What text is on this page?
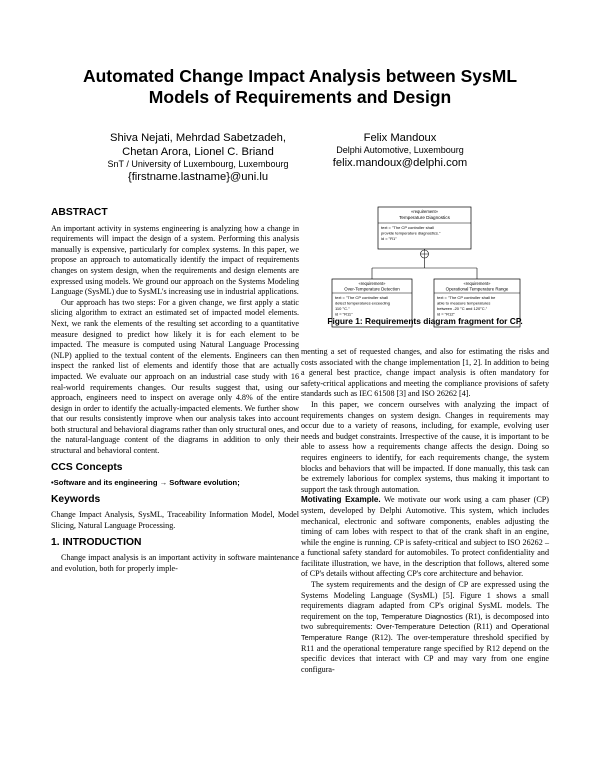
Automated Change Impact Analysis between SysML
Models of Requirements and Design
Shiva Nejati, Mehrdad Sabetzadeh,
Chetan Arora, Lionel C. Briand
SnT / University of Luxembourg, Luxembourg
{firstname.lastname}@uni.lu
Felix Mandoux
Delphi Automotive, Luxembourg
felix.mandoux@delphi.com
ABSTRACT

An important activity in systems engineering is analyzing how a change in requirements will impact the design of a system. Performing this analysis manually is expensive, particularly for complex systems. In this paper, we propose an approach to automatically identify the impact of requirements changes on system design, when the requirements and design elements are expressed using models. We ground our approach on the Systems Modeling Language (SysML) due to SysML's increasing use in industrial applications.

Our approach has two steps: For a given change, we first apply a static slicing algorithm to extract an estimated set of impacted model elements. Next, we rank the elements of the resulting set according to a quantitative measure designed to predict how likely it is for each element to be impacted. The measure is computed using Natural Language Processing (NLP) applied to the textual content of the elements. Engineers can then inspect the ranked list of elements and identify those that are actually impacted. We evaluate our approach on an industrial case study with 16 real-world requirements changes. Our results suggest that, using our approach, engineers need to inspect on average only 4.8% of the entire design in order to identify the actually-impacted elements. We further show that our results consistently improve when our analysis takes into account both structural and behavioral diagrams rather than only structural ones, and the natural-language content of the diagrams in addition to only their structural and behavioral content.

CCS Concepts

•Software and its engineering → Software evolution;

Keywords

Change Impact Analysis, SysML, Traceability Information Model, Model Slicing, Natural Language Processing.

1. INTRODUCTION

Change impact analysis is an important activity in software maintenance and evolution, both for properly imple-

«requirement»
Temperature Diagnostics
text = "The CP controller shall
provide temperature diagnostics."
id = "R1"
«requirement»
Over-Temperature Detection
text = "The CP controller shall
detect temperatures exceeding
110 °C."
id = "R11"
«requirement»
Operational Temperature Range
text = "The CP controller shall be
able to measure temperatures
between -20 °C and 120°C."
id = "R12"
Figure 1: Requirements diagram fragment for CP.

menting a set of requested changes, and also for estimating the risks and costs associated with the change implementation [1, 2]. In addition to being a general best practice, change impact analysis is often mandatory for safety-critical applications and meeting the compliance provisions of safety standards such as IEC 61508 [3] and ISO 26262 [4].

In this paper, we concern ourselves with analyzing the impact of requirements changes on system design. Changes in requirements may occur due to a variety of reasons, including, for example, evolving user needs and budget constraints. Irrespective of the cause, it is important to be able to assess how a requirements change affects the design. Doing so requires engineers to identify, for each requirements change, the system blocks and behaviors that will be impacted. If done manually, this task can be extremely laborious for complex systems, thus making it important to support the task through automation.

Motivating Example. We motivate our work using a cam phaser (CP) system, developed by Delphi Automotive. This system, which includes mechanical, electronic and software components, enables adjusting the timing of cam lobes with respect to that of the crank shaft in an engine, while the engine is running. CP is safety-critical and subject to ISO 26262 – a functional safety standard for automobiles. To protect confidentiality and facilitate illustration, we have, in the description that follows, altered some of CP's details without affecting CP's core architecture and behavior.

The system requirements and the design of CP are expressed using the Systems Modeling Language (SysML) [5]. Figure 1 shows a small requirements diagram adapted from CP's original SysML models. The requirement on the top, Temperature Diagnostics (R1), is decomposed into two subrequirements: Over-Temperature Detection (R11) and Operational Temperature Range (R12). The over-temperature threshold specified by R11 and the operational temperature range specified by R12 depend on the specific devices that interact with CP and may vary from one engine configura-
